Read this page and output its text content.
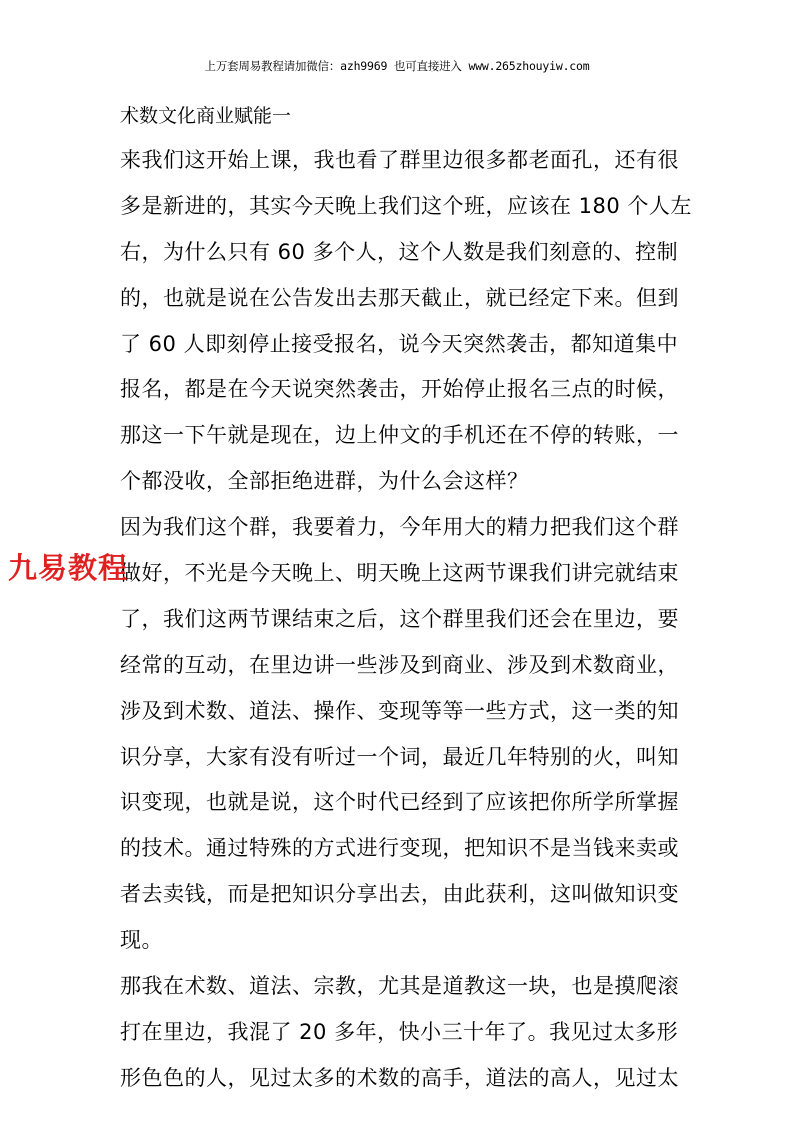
上万套周易教程请加微信：azh9969 也可直接进入 www.265zhouyiw.com
术数文化商业赋能一
来我们这开始上课，我也看了群里边很多都老面孔，还有很
多是新进的，其实今天晚上我们这个班，应该在 180 个人左
右，为什么只有 60 多个人，这个人数是我们刻意的、控制
的，也就是说在公告发出去那天截止，就已经定下来。但到
了 60 人即刻停止接受报名，说今天突然袭击，都知道集中
报名，都是在今天说突然袭击，开始停止报名三点的时候，
那这一下午就是现在，边上仲文的手机还在不停的转账，一
个都没收，全部拒绝进群，为什么会这样？
因为我们这个群，我要着力，今年用大的精力把我们这个群
做好，不光是今天晚上、明天晚上这两节课我们讲完就结束
了，我们这两节课结束之后，这个群里我们还会在里边，要
经常的互动，在里边讲一些涉及到商业、涉及到术数商业，
涉及到术数、道法、操作、变现等等一些方式，这一类的知
识分享，大家有没有听过一个词，最近几年特别的火，叫知
识变现，也就是说，这个时代已经到了应该把你所学所掌握
的技术。通过特殊的方式进行变现，把知识不是当钱来卖或
者去卖钱，而是把知识分享出去，由此获利，这叫做知识变
现。
那我在术数、道法、宗教，尤其是道教这一块，也是摸爬滚
打在里边，我混了 20 多年，快小三十年了。我见过太多形
形色色的人，见过太多的术数的高手，道法的高人，见过太
九易教程
